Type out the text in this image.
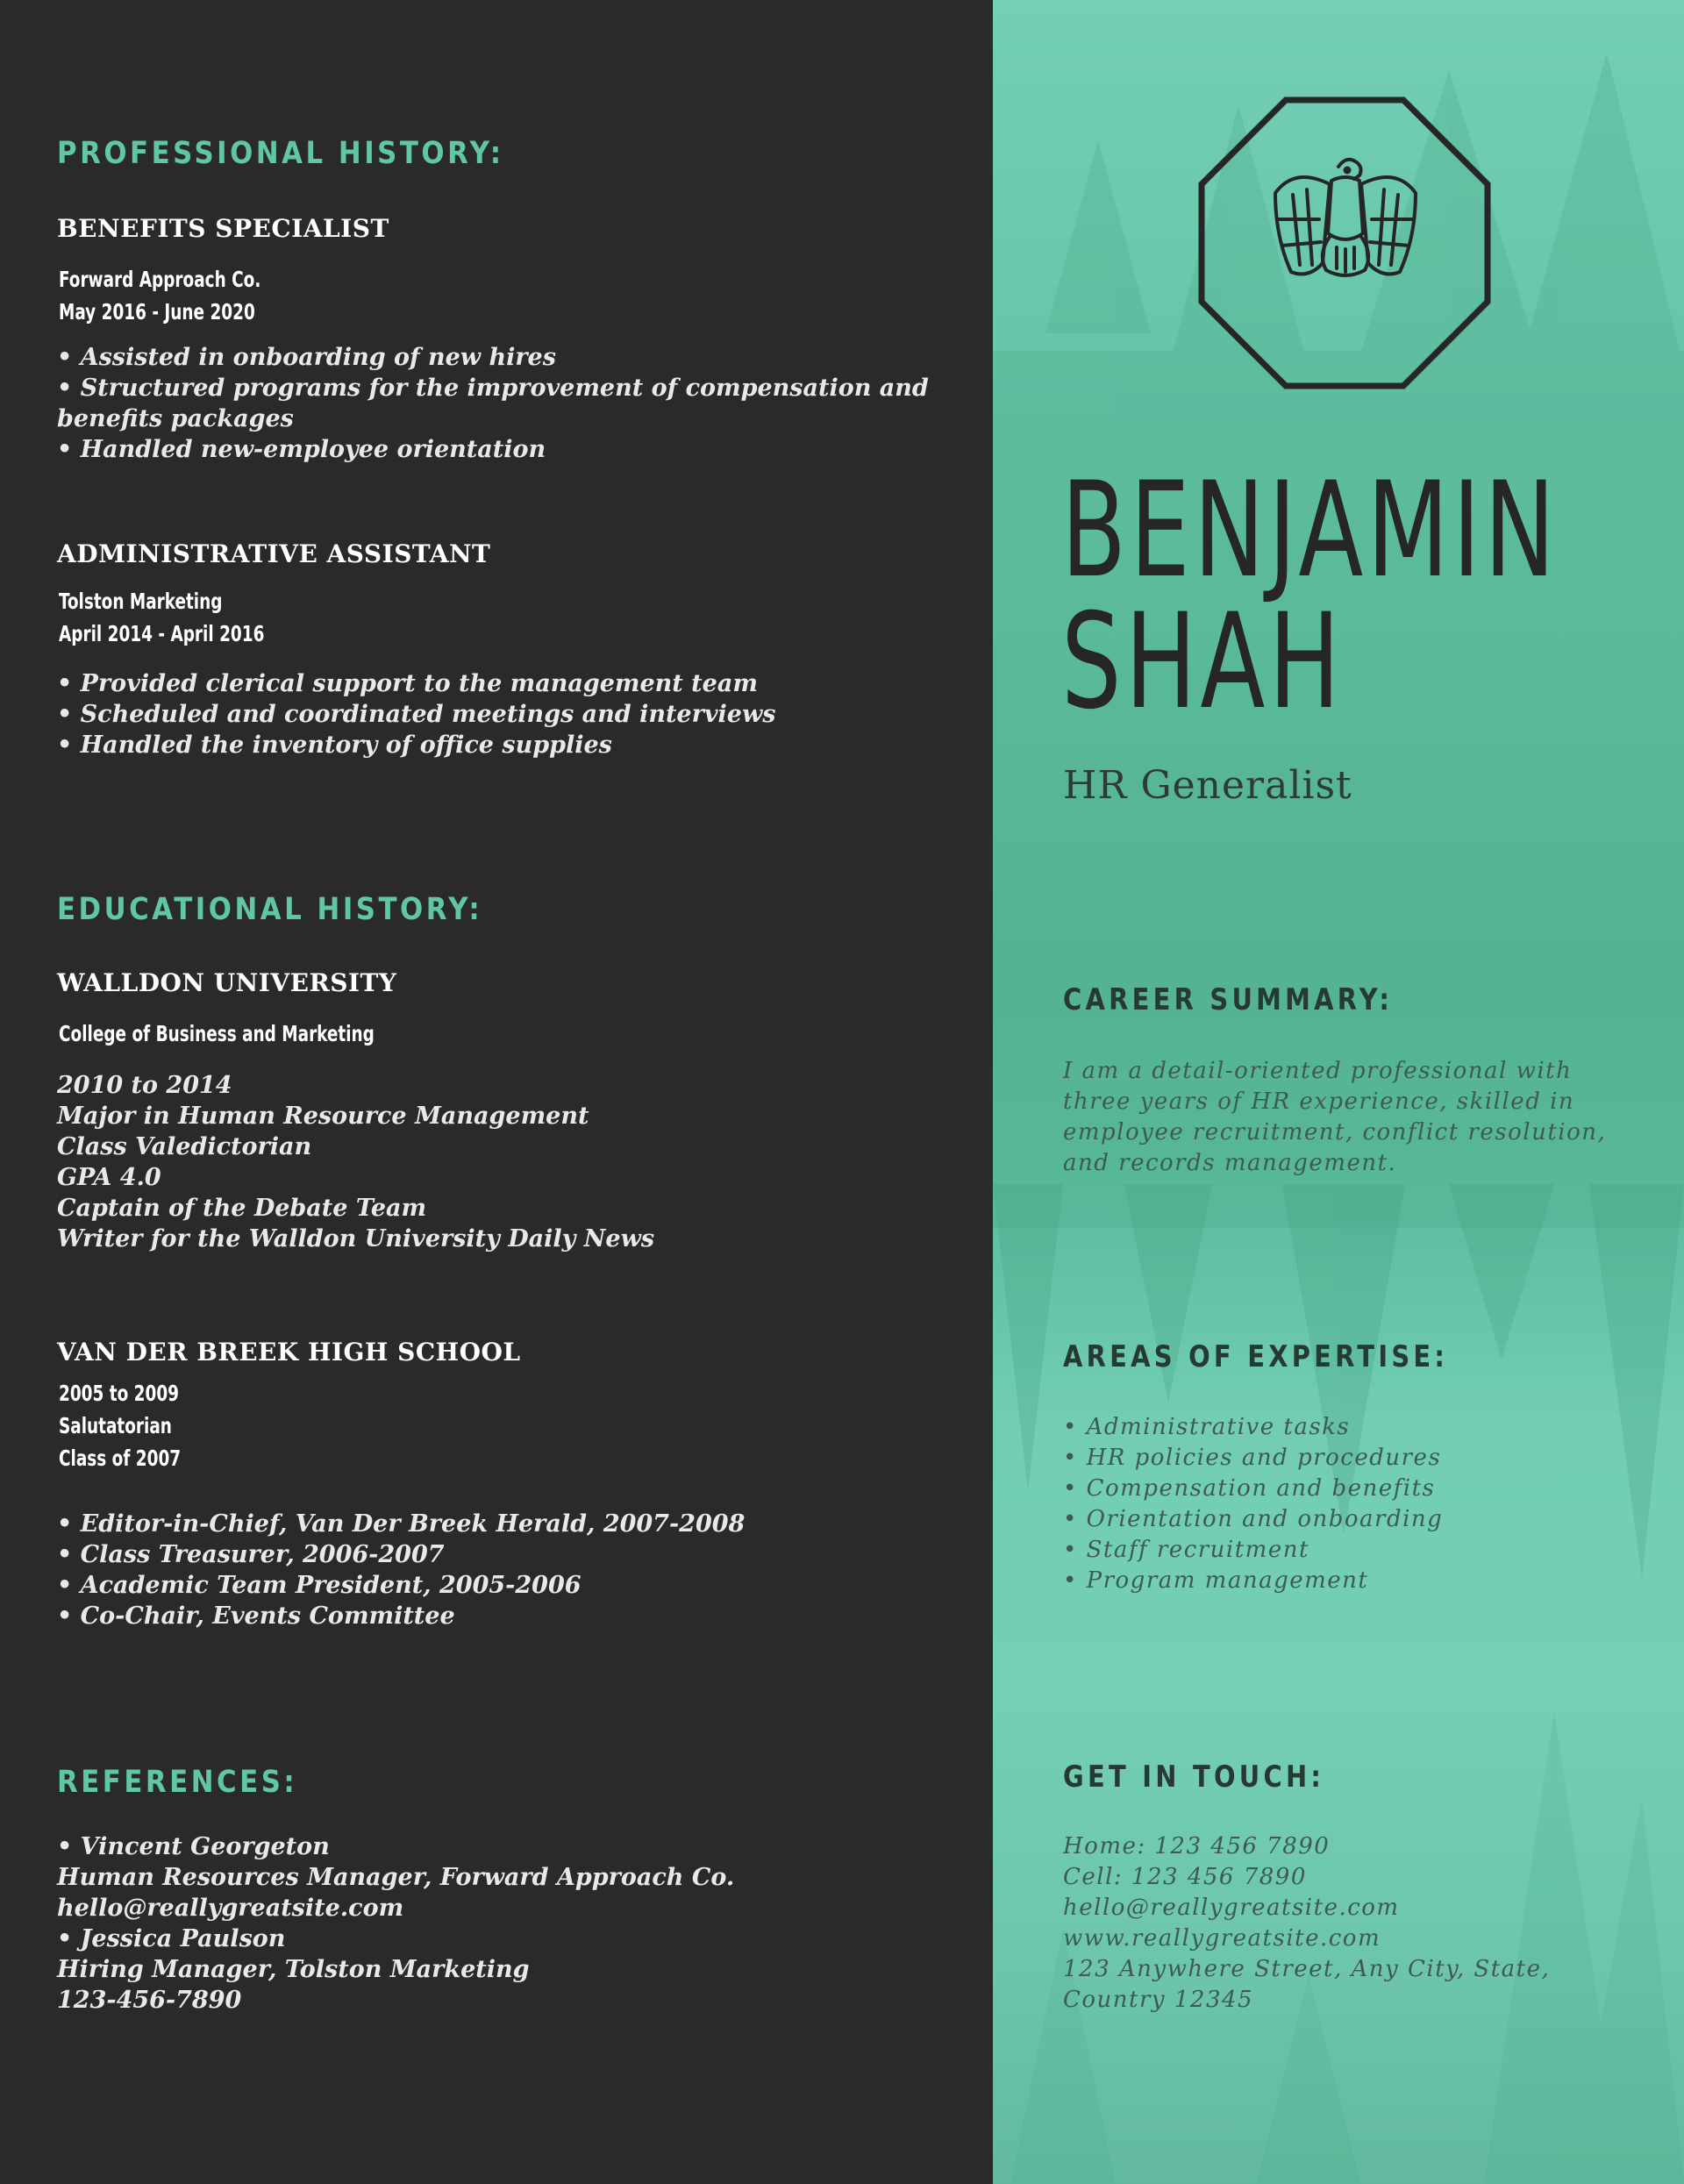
PROFESSIONAL HISTORY:
BENEFITS SPECIALIST
Forward Approach Co.
May 2016 - June 2020
• Assisted in onboarding of new hires
• Structured programs for the improvement of compensation and
benefits packages
• Handled new-employee orientation
ADMINISTRATIVE ASSISTANT
Tolston Marketing
April 2014 - April 2016
• Provided clerical support to the management team
• Scheduled and coordinated meetings and interviews
• Handled the inventory of office supplies
EDUCATIONAL HISTORY:
WALLDON UNIVERSITY
College of Business and Marketing
2010 to 2014
Major in Human Resource Management
Class Valedictorian
GPA 4.0
Captain of the Debate Team
Writer for the Walldon University Daily News
VAN DER BREEK HIGH SCHOOL
2005 to 2009
Salutatorian
Class of 2007
• Editor-in-Chief, Van Der Breek Herald, 2007-2008
• Class Treasurer, 2006-2007
• Academic Team President, 2005-2006
• Co-Chair, Events Committee
REFERENCES:
• Vincent Georgeton
Human Resources Manager, Forward Approach Co.
hello@reallygreatsite.com
• Jessica Paulson
Hiring Manager, Tolston Marketing
123-456-7890
BENJAMIN
SHAH
HR Generalist
CAREER SUMMARY:
I am a detail-oriented professional with
three years of HR experience, skilled in
employee recruitment, conflict resolution,
and records management.
AREAS OF EXPERTISE:
• Administrative tasks
• HR policies and procedures
• Compensation and benefits
• Orientation and onboarding
• Staff recruitment
• Program management
GET IN TOUCH:
Home: 123 456 7890
Cell: 123 456 7890
hello@reallygreatsite.com
www.reallygreatsite.com
123 Anywhere Street, Any City, State,
Country 12345
